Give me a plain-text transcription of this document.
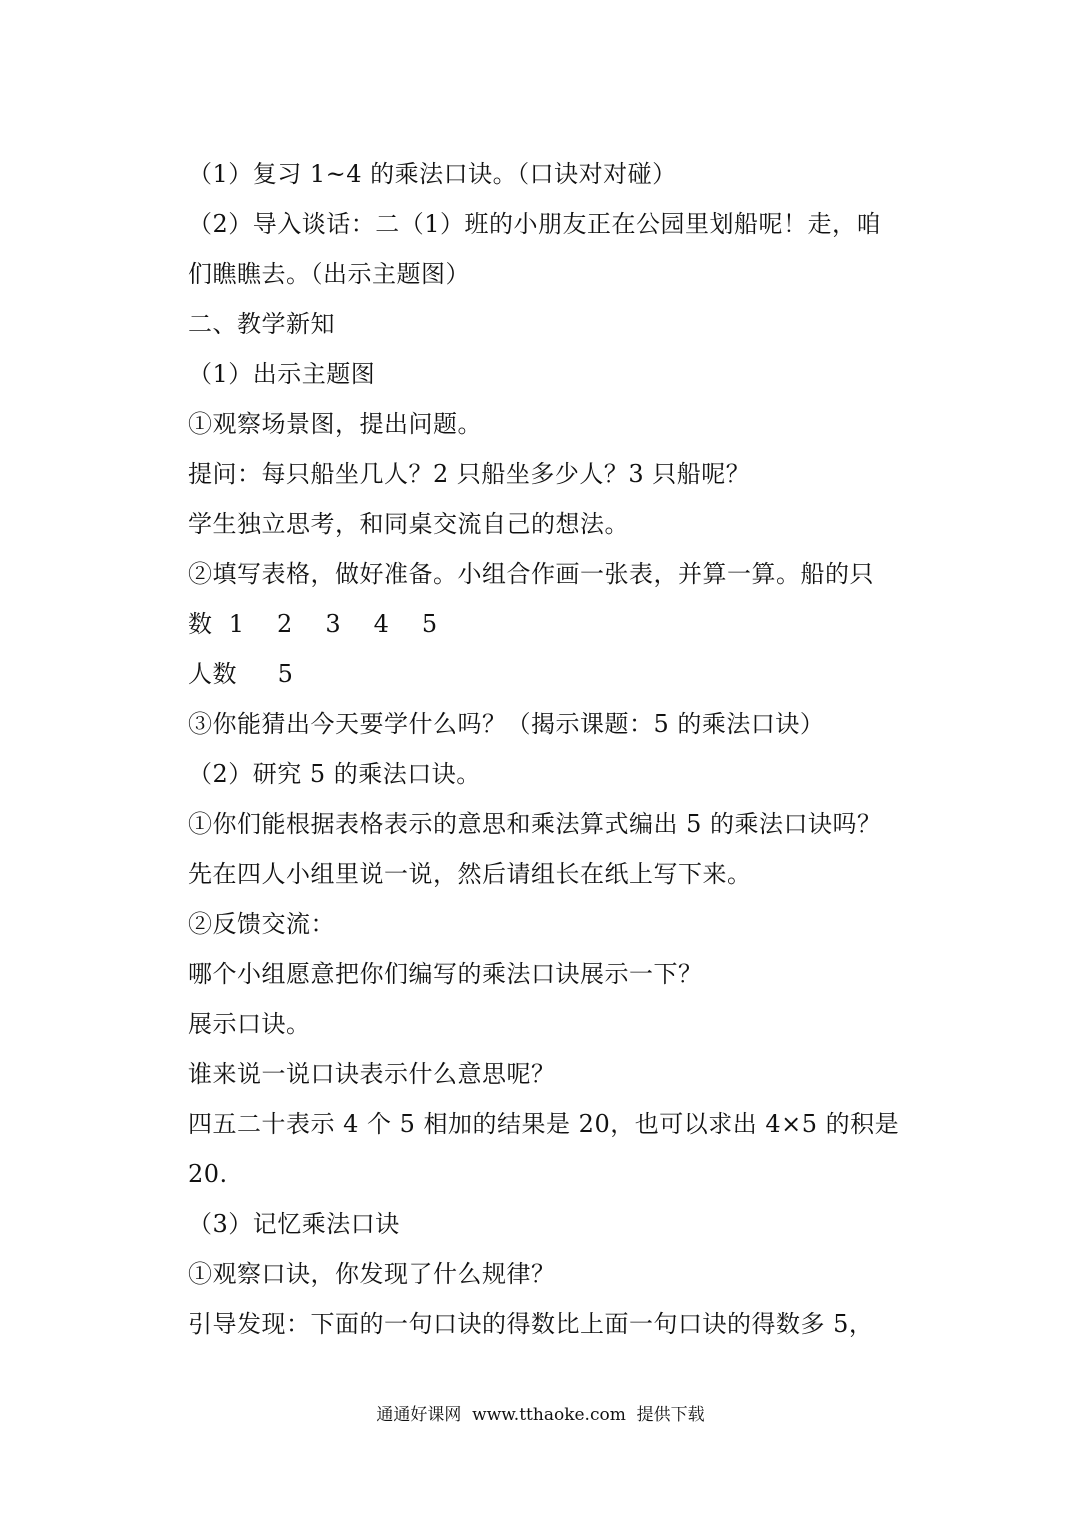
（1）复习 1~4 的乘法口诀。（口诀对对碰）
（2）导入谈话：二（1）班的小朋友正在公园里划船呢！走，咱
们瞧瞧去。（出示主题图）
二、教学新知
（1）出示主题图
①观察场景图，提出问题。
提问：每只船坐几人？2 只船坐多少人？3 只船呢？
学生独立思考，和同桌交流自己的想法。
②填写表格，做好准备。小组合作画一张表，并算一算。船的只
数  1    2    3    4    5
人数     5
③你能猜出今天要学什么吗？（揭示课题：5 的乘法口诀）
（2）研究 5 的乘法口诀。
①你们能根据表格表示的意思和乘法算式编出 5 的乘法口诀吗？
先在四人小组里说一说，然后请组长在纸上写下来。
②反馈交流：
哪个小组愿意把你们编写的乘法口诀展示一下？
展示口诀。
谁来说一说口诀表示什么意思呢？
四五二十表示 4 个 5 相加的结果是 20，也可以求出 4×5 的积是
20.
（3）记忆乘法口诀
①观察口诀，你发现了什么规律？
引导发现：下面的一句口诀的得数比上面一句口诀的得数多 5，
通通好课网  www.tthaoke.com  提供下载
